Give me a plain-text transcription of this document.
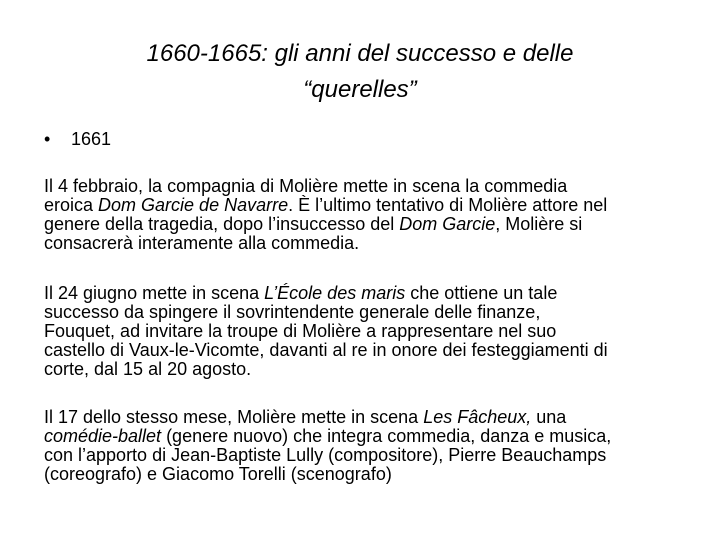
1660-1665: gli anni del successo e delle
“querelles”
• 1661
Il 4 febbraio, la compagnia di Molière mette in scena la commedia
eroica Dom Garcie de Navarre. È l’ultimo tentativo di Molière attore nel
genere della tragedia, dopo l’insuccesso del Dom Garcie, Molière si
consacrerà interamente alla commedia.
Il 24 giugno mette in scena L’École des maris che ottiene un tale
successo da spingere il sovrintendente generale delle finanze,
Fouquet, ad invitare la troupe di Molière a rappresentare nel suo
castello di Vaux-le-Vicomte, davanti al re in onore dei festeggiamenti di
corte, dal 15 al 20 agosto.
Il 17 dello stesso mese, Molière mette in scena Les Fâcheux, una
comédie-ballet (genere nuovo) che integra commedia, danza e musica,
con l’apporto di Jean-Baptiste Lully (compositore), Pierre Beauchamps
(coreografo) e Giacomo Torelli (scenografo)
